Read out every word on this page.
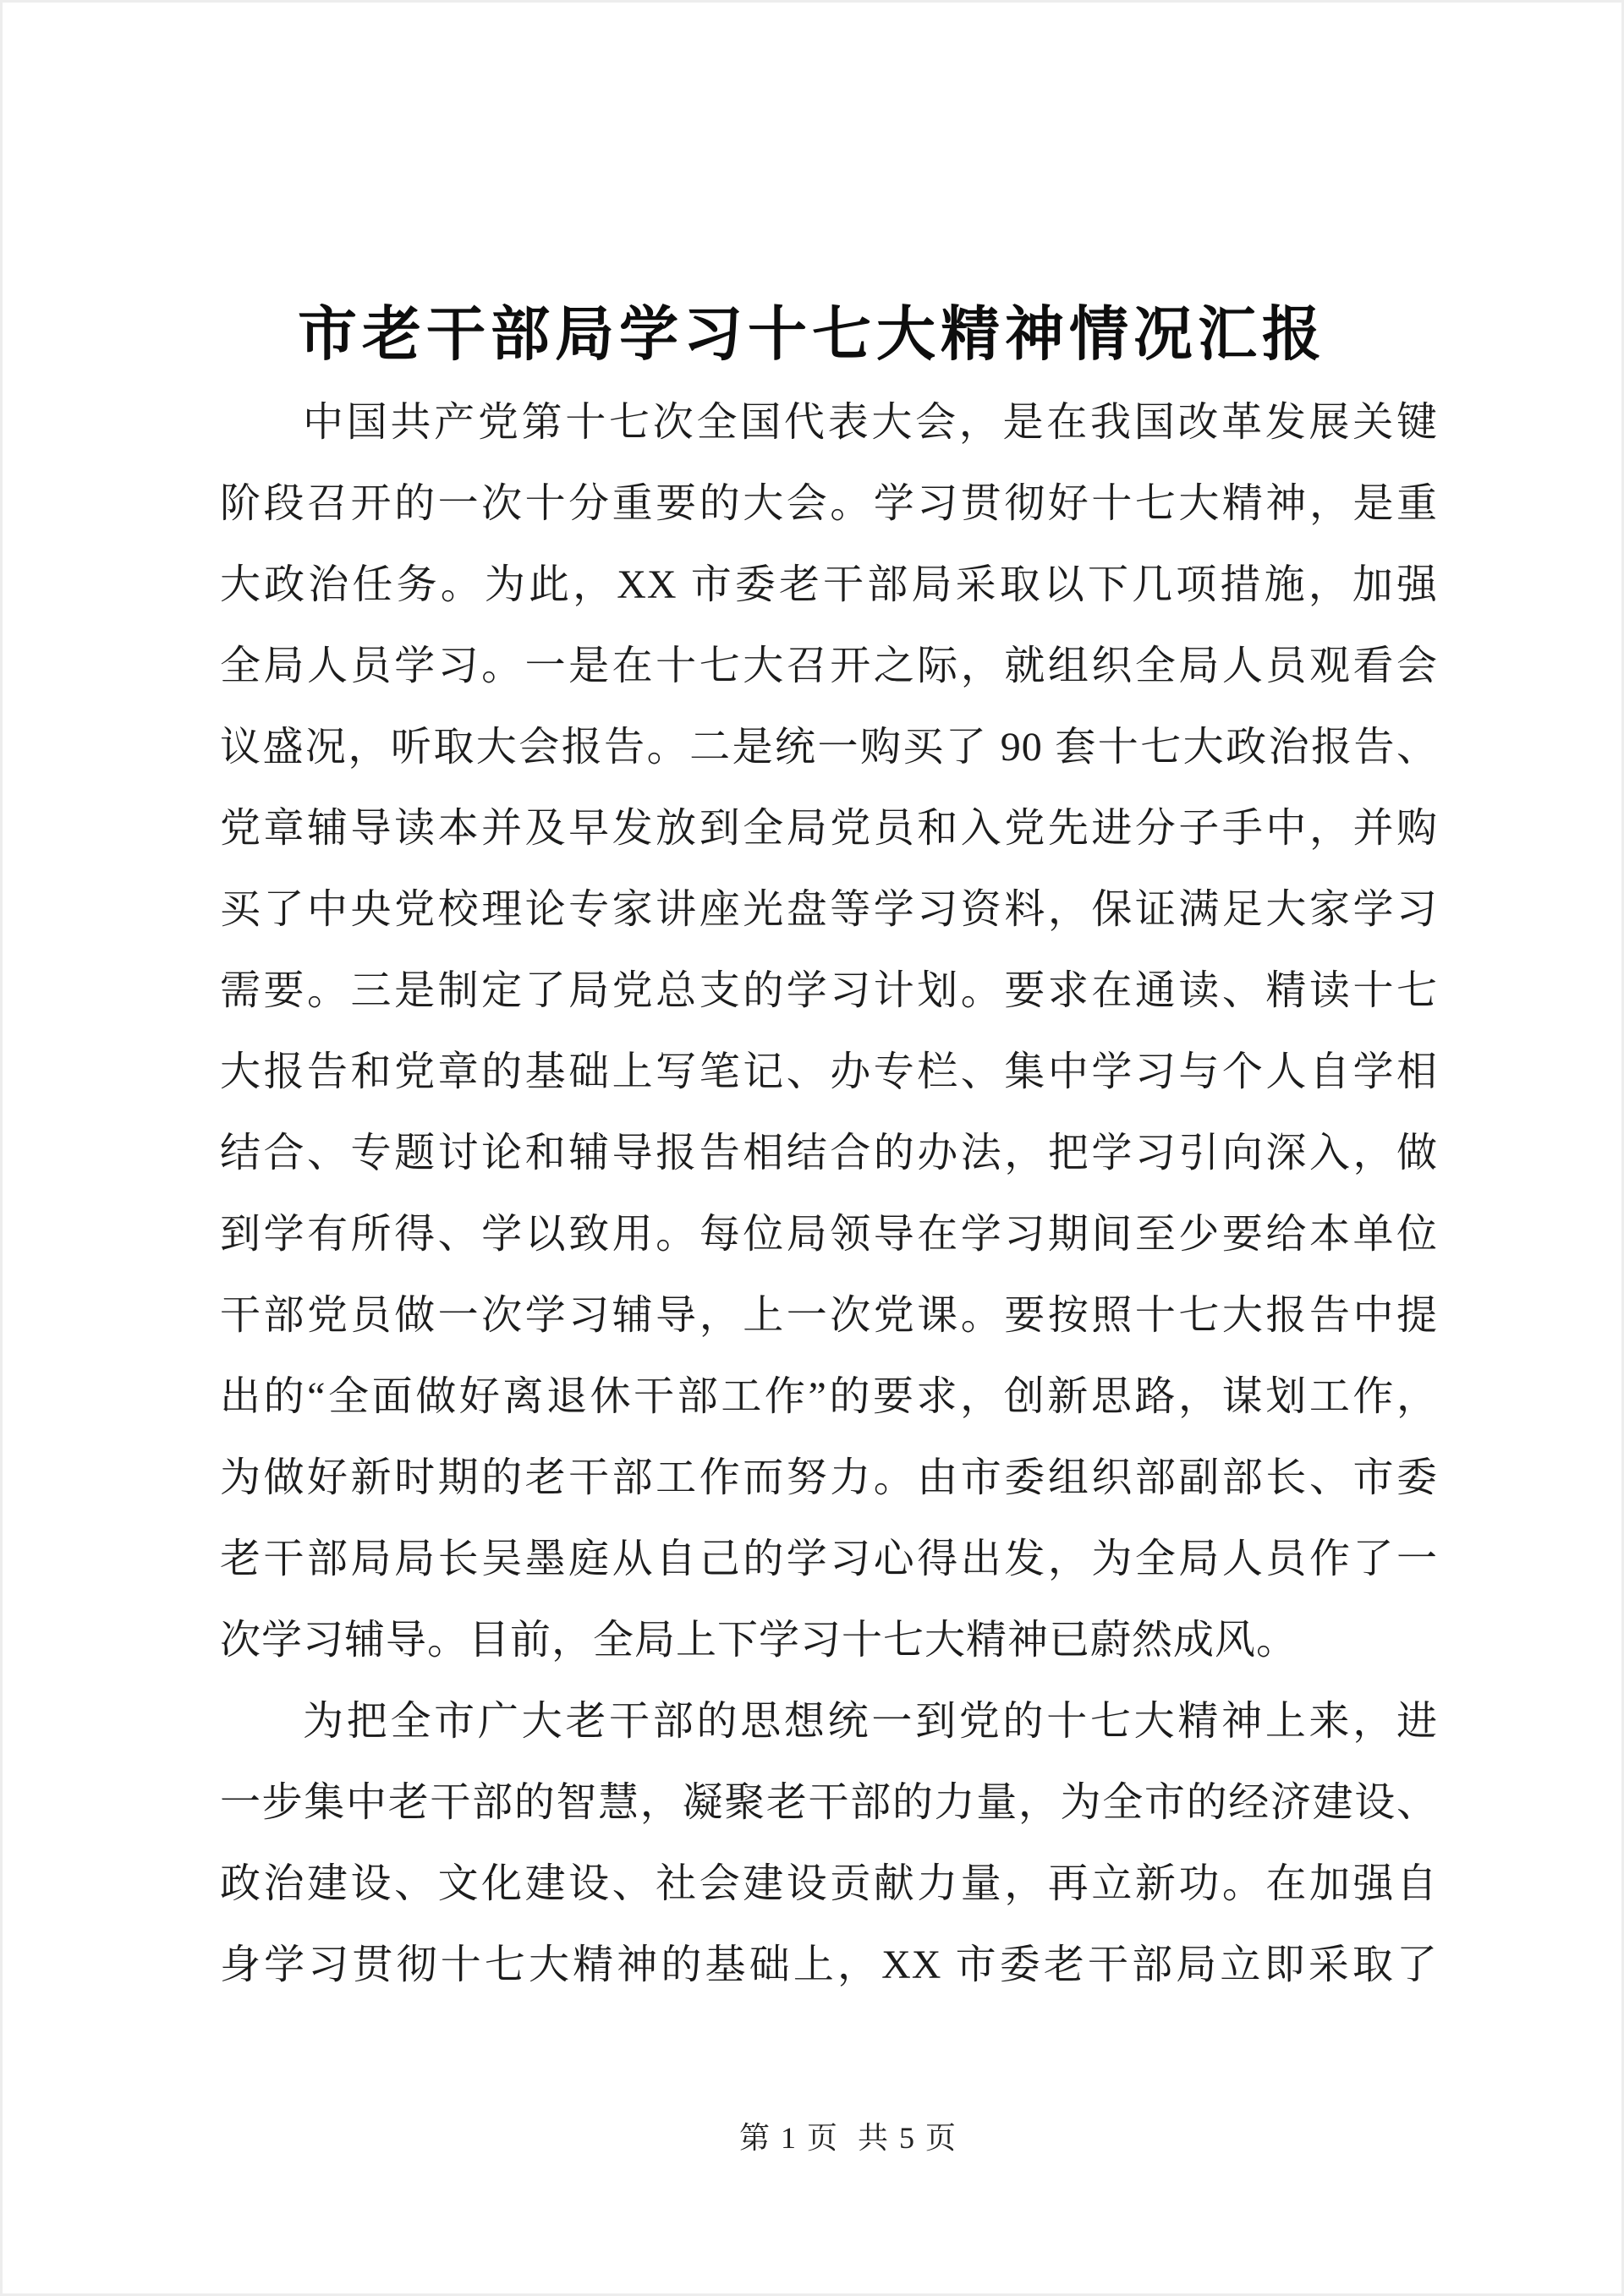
市老干部局学习十七大精神情况汇报
中国共产党第十七次全国代表大会，是在我国改革发展关键
阶段召开的一次十分重要的大会。学习贯彻好十七大精神，是重
大政治任务。为此，XX 市委老干部局采取以下几项措施，加强
全局人员学习。一是在十七大召开之际，就组织全局人员观看会
议盛况，听取大会报告。二是统一购买了 90 套十七大政治报告、
党章辅导读本并及早发放到全局党员和入党先进分子手中，并购
买了中央党校理论专家讲座光盘等学习资料，保证满足大家学习
需要。三是制定了局党总支的学习计划。要求在通读、精读十七
大报告和党章的基础上写笔记、办专栏、集中学习与个人自学相
结合、专题讨论和辅导报告相结合的办法，把学习引向深入，做
到学有所得、学以致用。每位局领导在学习期间至少要给本单位
干部党员做一次学习辅导，上一次党课。要按照十七大报告中提
出的“全面做好离退休干部工作”的要求，创新思路，谋划工作，
为做好新时期的老干部工作而努力。由市委组织部副部长、市委
老干部局局长吴墨庭从自己的学习心得出发，为全局人员作了一
次学习辅导。目前，全局上下学习十七大精神已蔚然成风。
为把全市广大老干部的思想统一到党的十七大精神上来，进
一步集中老干部的智慧，凝聚老干部的力量，为全市的经济建设、
政治建设、文化建设、社会建设贡献力量，再立新功。在加强自
身学习贯彻十七大精神的基础上，XX 市委老干部局立即采取了
第 1 页  共 5 页
